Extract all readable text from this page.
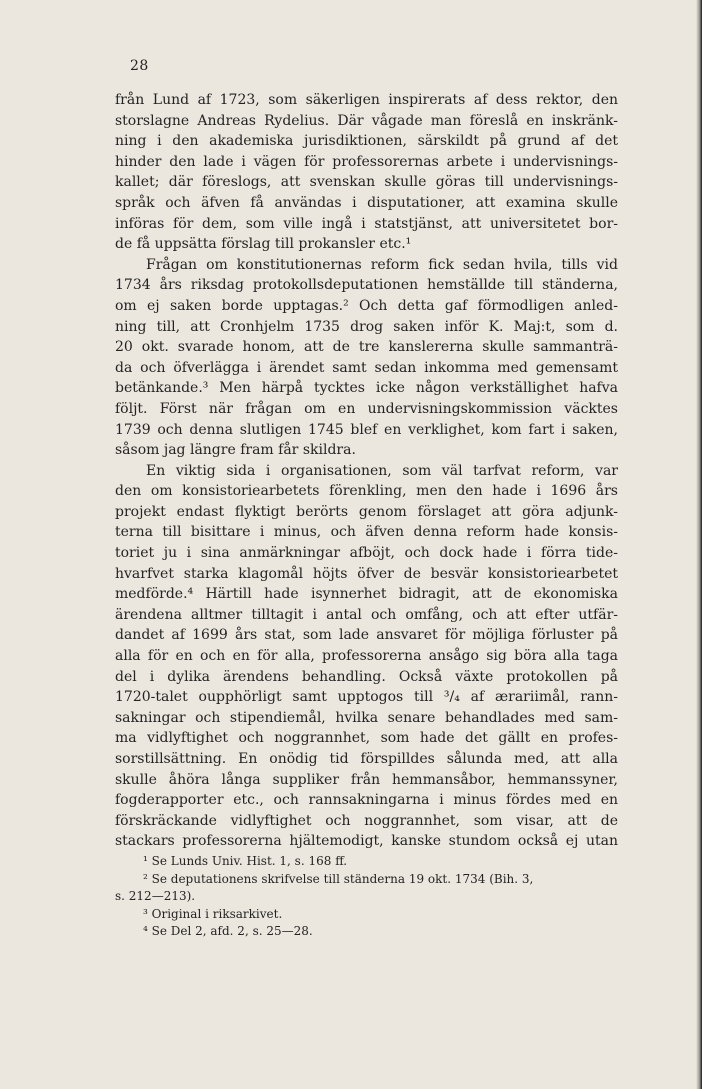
28
från Lund af 1723, som säkerligen inspirerats af dess rektor, den
storslagne Andreas Rydelius. Där vågade man föreslå en inskränk-
ning i den akademiska jurisdiktionen, särskildt på grund af det
hinder den lade i vägen för professorernas arbete i undervisnings-
kallet; där föreslogs, att svenskan skulle göras till undervisnings-
språk och äfven få användas i disputationer, att examina skulle
införas för dem, som ville ingå i statstjänst, att universitetet bor-
de få uppsätta förslag till prokansler etc.¹
Frågan om konstitutionernas reform fick sedan hvila, tills vid
1734 års riksdag protokollsdeputationen hemställde till ständerna,
om ej saken borde upptagas.² Och detta gaf förmodligen anled-
ning till, att Cronhjelm 1735 drog saken inför K. Maj:t, som d.
20 okt. svarade honom, att de tre kanslererna skulle sammanträ-
da och öfverlägga i ärendet samt sedan inkomma med gemensamt
betänkande.³ Men härpå tycktes icke någon verkställighet hafva
följt. Först när frågan om en undervisningskommission väcktes
1739 och denna slutligen 1745 blef en verklighet, kom fart i saken,
såsom jag längre fram får skildra.
En viktig sida i organisationen, som väl tarfvat reform, var
den om konsistoriearbetets förenkling, men den hade i 1696 års
projekt endast flyktigt berörts genom förslaget att göra adjunk-
terna till bisittare i minus, och äfven denna reform hade konsis-
toriet ju i sina anmärkningar afböjt, och dock hade i förra tide-
hvarfvet starka klagomål höjts öfver de besvär konsistoriearbetet
medförde.⁴ Härtill hade isynnerhet bidragit, att de ekonomiska
ärendena alltmer tilltagit i antal och omfång, och att efter utfär-
dandet af 1699 års stat, som lade ansvaret för möjliga förluster på
alla för en och en för alla, professorerna ansågo sig böra alla taga
del i dylika ärendens behandling. Också växte protokollen på
1720-talet oupphörligt samt upptogos till ³/₄ af ærariimål, rann-
sakningar och stipendiemål, hvilka senare behandlades med sam-
ma vidlyftighet och noggrannhet, som hade det gällt en profes-
sorstillsättning. En onödig tid förspilldes sålunda med, att alla
skulle åhöra långa suppliker från hemmansåbor, hemmanssyner,
fogderapporter etc., och rannsakningarna i minus fördes med en
förskräckande vidlyftighet och noggrannhet, som visar, att de
stackars professorerna hjältemodigt, kanske stundom också ej utan
¹ Se Lunds Univ. Hist. 1, s. 168 ff.
² Se deputationens skrifvelse till ständerna 19 okt. 1734 (Bih. 3,
s. 212—213).
³ Original i riksarkivet.
⁴ Se Del 2, afd. 2, s. 25—28.
